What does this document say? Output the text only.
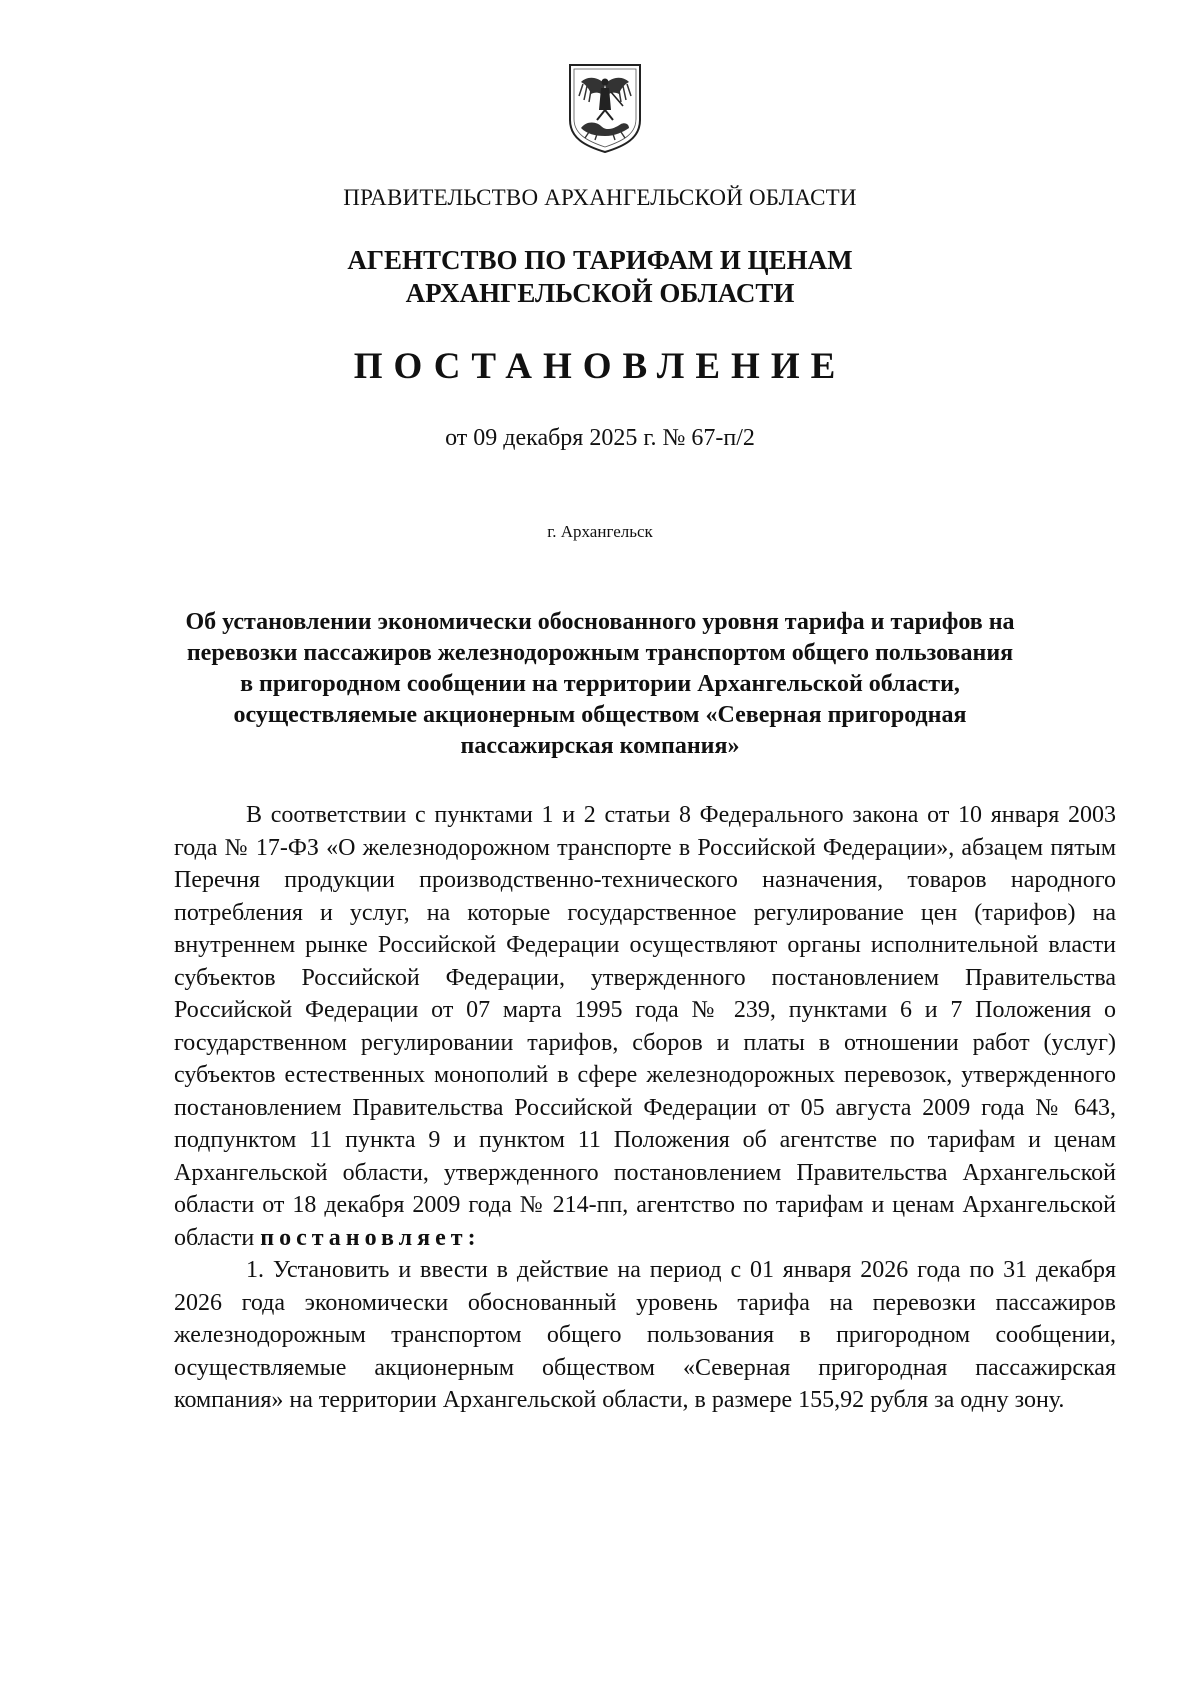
ПРАВИТЕЛЬСТВО АРХАНГЕЛЬСКОЙ ОБЛАСТИ
АГЕНТСТВО ПО ТАРИФАМ И ЦЕНАМ
АРХАНГЕЛЬСКОЙ ОБЛАСТИ
ПОСТАНОВЛЕНИЕ
от 09 декабря 2025 г. № 67-п/2
г. Архангельск
Об установлении экономически обоснованного уровня тарифа и тарифов на перевозки пассажиров железнодорожным транспортом общего пользования в пригородном сообщении на территории Архангельской области, осуществляемые акционерным обществом «Северная пригородная пассажирская компания»

В соответствии с пунктами 1 и 2 статьи 8 Федерального закона от 10 января 2003 года № 17-ФЗ «О железнодорожном транспорте в Российской Федерации», абзацем пятым Перечня продукции производственно-технического назначения, товаров народного потребления и услуг, на которые государственное регулирование цен (тарифов) на внутреннем рынке Российской Федерации осуществляют органы исполнительной власти субъектов Российской Федерации, утвержденного постановлением Правительства Российской Федерации от 07 марта 1995 года № 239, пунктами 6 и 7 Положения о государственном регулировании тарифов, сборов и платы в отношении работ (услуг) субъектов естественных монополий в сфере железнодорожных перевозок, утвержденного постановлением Правительства Российской Федерации от 05 августа 2009 года № 643, подпунктом 11 пункта 9 и пунктом 11 Положения об агентстве по тарифам и ценам Архангельской области, утвержденного постановлением Правительства Архангельской области от 18 декабря 2009 года № 214-пп, агентство по тарифам и ценам Архангельской области постановляет:

1. Установить и ввести в действие на период с 01 января 2026 года по 31 декабря 2026 года экономически обоснованный уровень тарифа на перевозки пассажиров железнодорожным транспортом общего пользования в пригородном сообщении, осуществляемые акционерным обществом «Северная пригородная пассажирская компания» на территории Архангельской области, в размере 155,92 рубля за одну зону.
